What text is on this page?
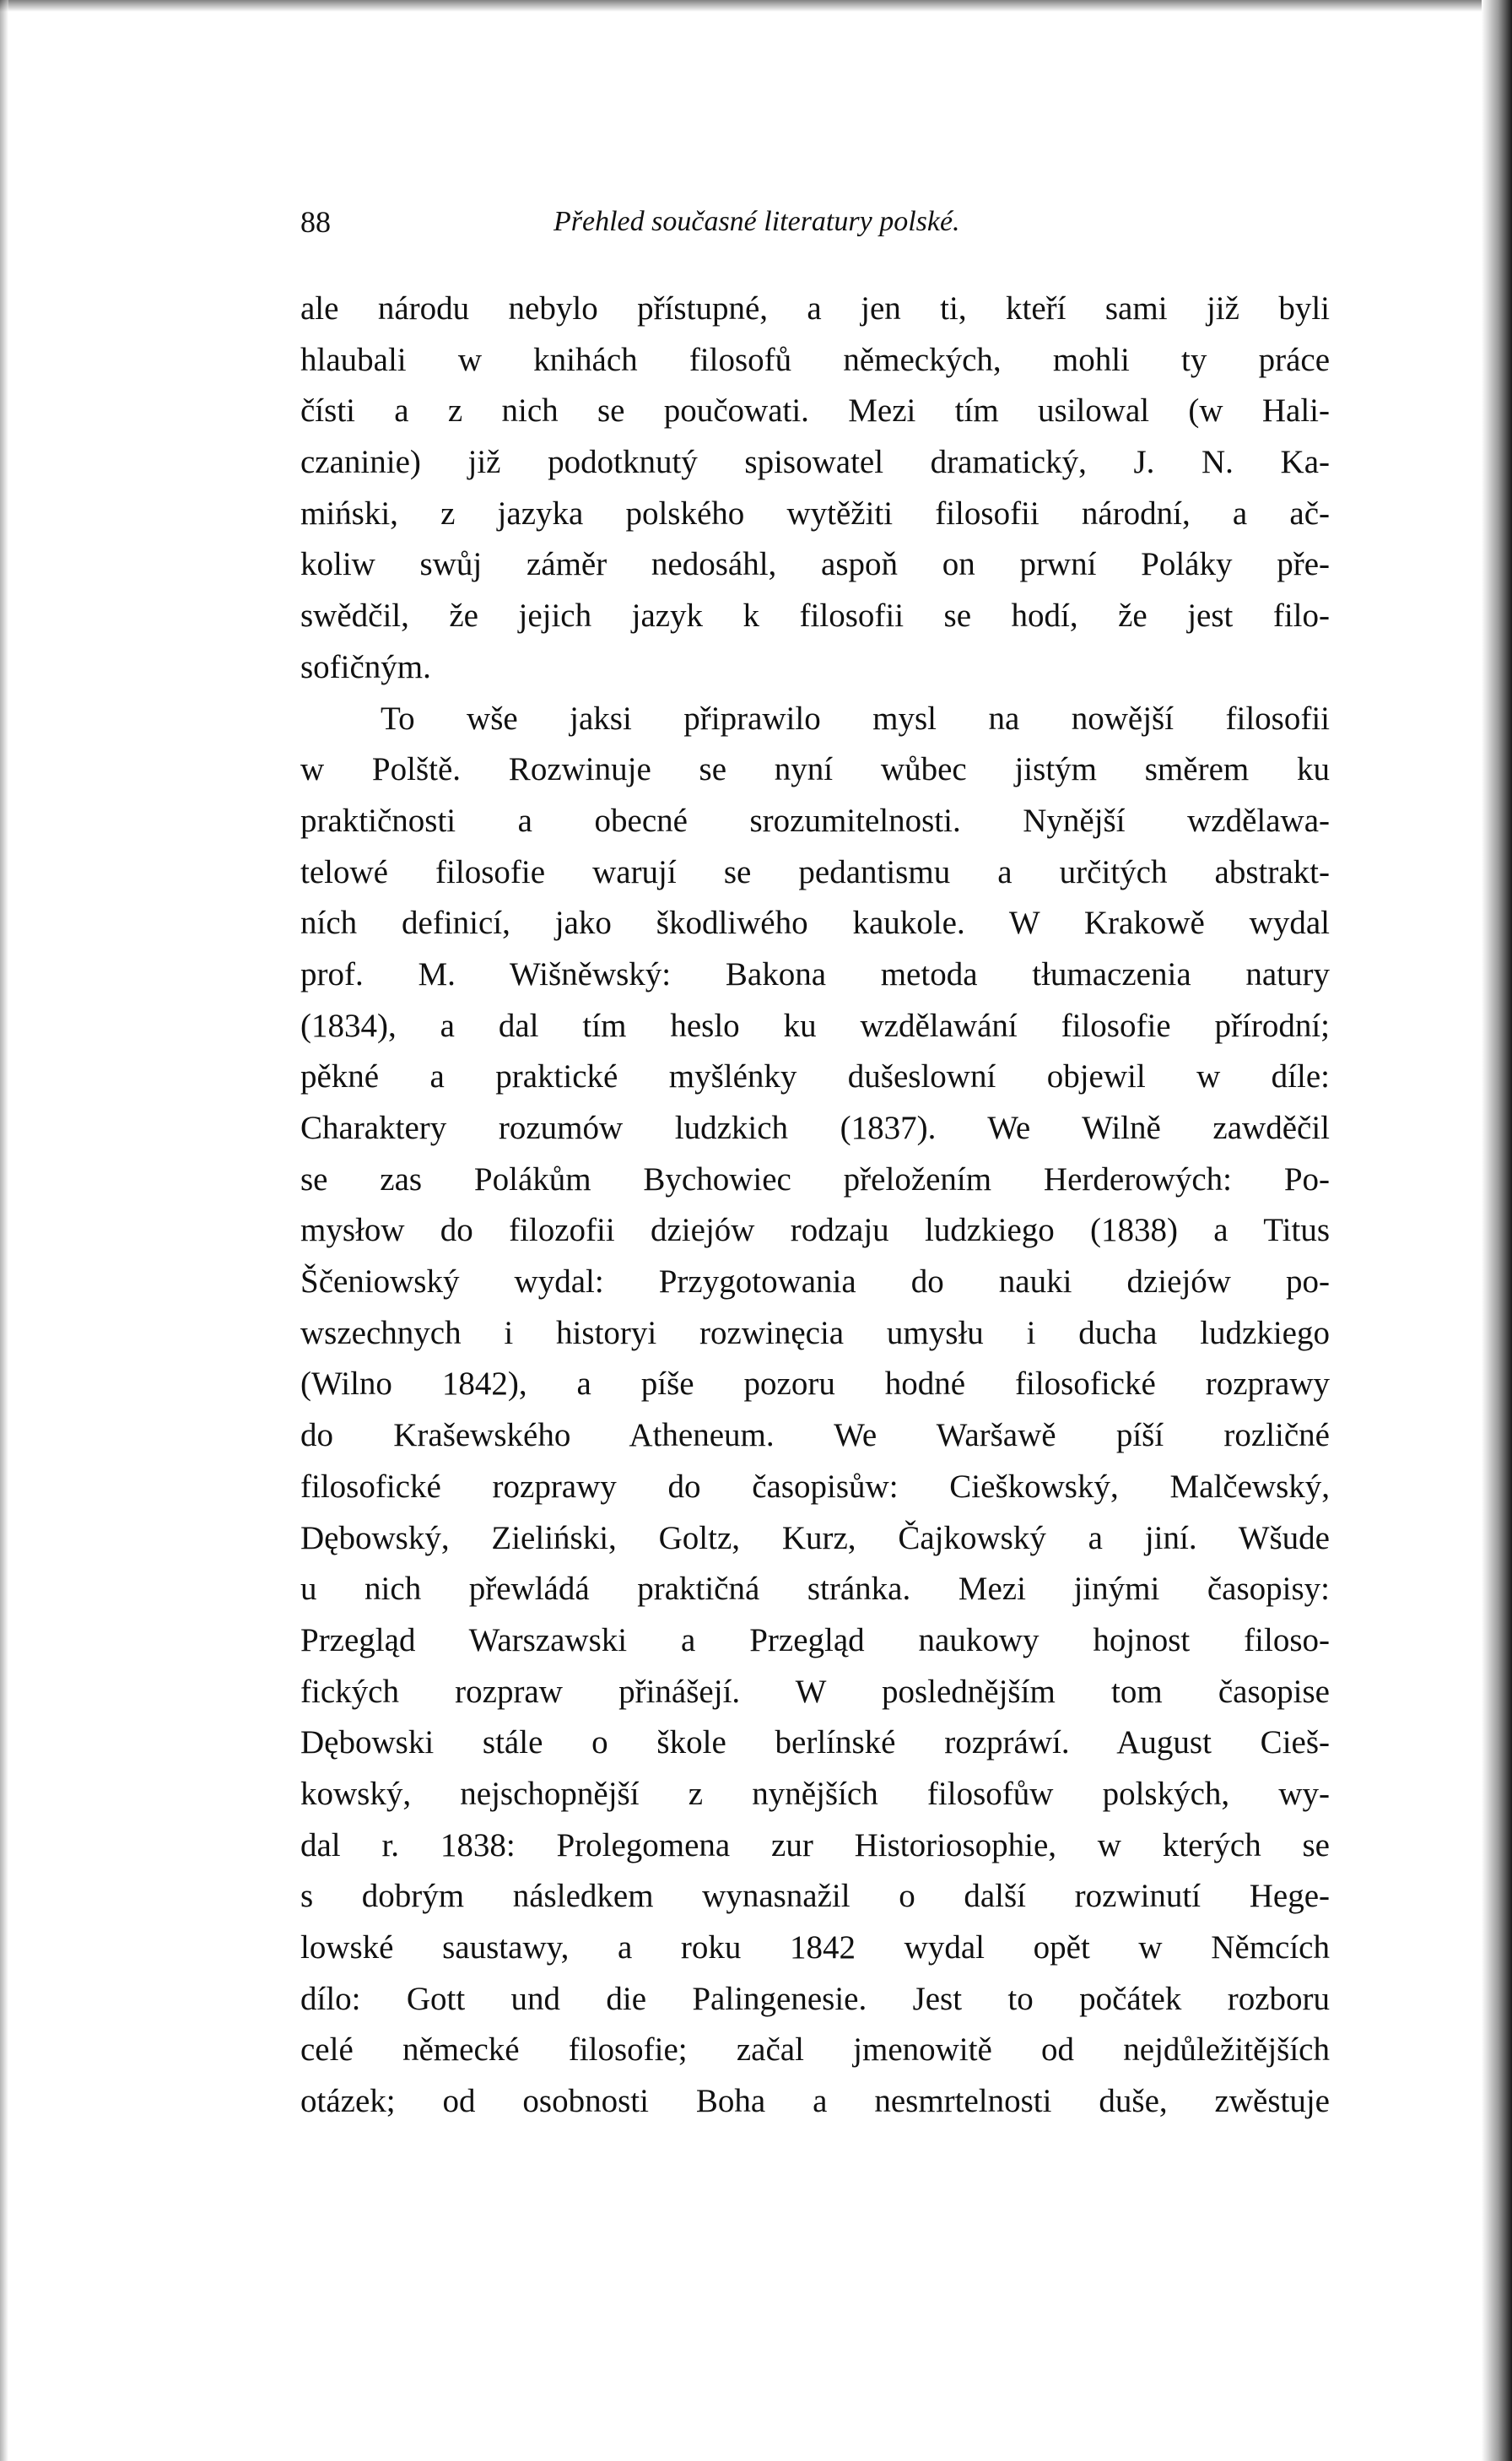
88	Přehled současné literatury polské.
ale národu nebylo přístupné, a jen ti, kteří sami již byli
hlaubali w knihách filosofů německých, mohli ty práce
čísti a z nich se poučowati. Mezi tím usilowal (w Hali-
czaninie) již podotknutý spisowatel dramatický, J. N. Ka-
miński, z jazyka polského wytěžiti filosofii národní, a ač-
koliw swůj záměr nedosáhl, aspoň on prwní Poláky pře-
swědčil, že jejich jazyk k filosofii se hodí, že jest filo-
sofičným.
To wše jaksi připrawilo mysl na nowější filosofii
w Polště. Rozwinuje se nyní wůbec jistým směrem ku
praktičnosti a obecné srozumitelnosti. Nynější wzdělawa-
telowé filosofie warují se pedantismu a určitých abstrakt-
ních definicí, jako škodliwého kaukole. W Krakowě wydal
prof. M. Wišněwský: Bakona metoda tłumaczenia natury
(1834), a dal tím heslo ku wzdělawání filosofie přírodní;
pěkné a praktické myšlénky dušeslowní objewil w díle:
Charaktery rozumów ludzkich (1837). We Wilně zawděčil
se zas Polákům Bychowiec přeložením Herderowých: Po-
mysłow do filozofii dziejów rodzaju ludzkiego (1838) a Titus
Ščeniowský wydal: Przygotowania do nauki dziejów po-
wszechnych i historyi rozwinęcia umysłu i ducha ludzkiego
(Wilno 1842), a píše pozoru hodné filosofické rozprawy
do Krašewského Atheneum. We Waršawě píší rozličné
filosofické rozprawy do časopisůw: Cieškowský, Malčewský,
Dębowský, Zieliński, Goltz, Kurz, Čajkowský a jiní. Wšude
u nich přewládá praktičná stránka. Mezi jinými časopisy:
Przegląd Warszawski a Przegląd naukowy hojnost filoso-
fických rozpraw přinášejí. W poslednějším tom časopise
Dębowski stále o škole berlínské rozpráwí. August Cieš-
kowský, nejschopnější z nynějších filosofůw polských, wy-
dal r. 1838: Prolegomena zur Historiosophie, w kterých se
s dobrým následkem wynasnažil o další rozwinutí Hege-
lowské saustawy, a roku 1842 wydal opět w Němcích
dílo: Gott und die Palingenesie. Jest to počátek rozboru
celé německé filosofie; začal jmenowitě od nejdůležitějších
otázek; od osobnosti Boha a nesmrtelnosti duše, zwěstuje
